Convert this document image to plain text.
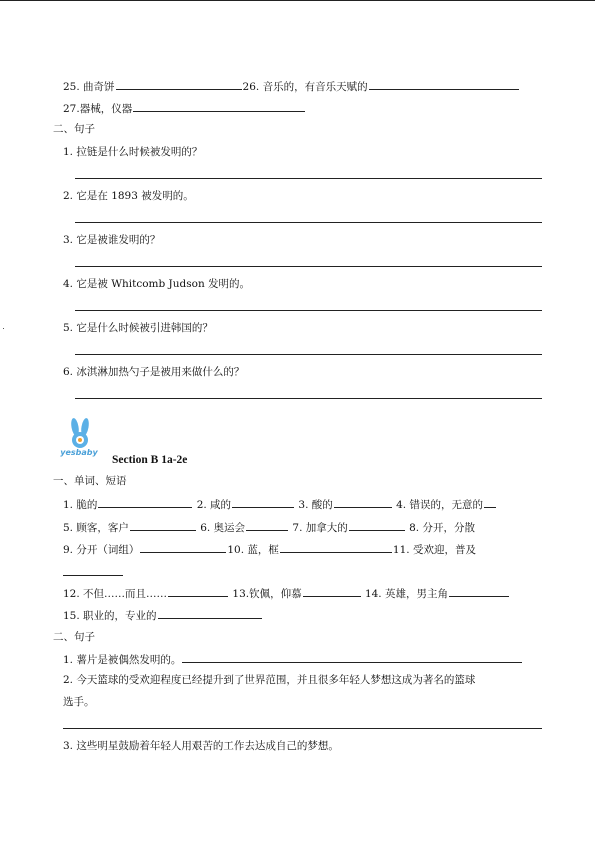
25. 曲奇饼	26. 音乐的，有音乐天赋的
27.器械，仪器
二、句子
1. 拉链是什么时候被发明的？
2. 它是在 1893 被发明的。
3. 它是被谁发明的？
4. 它是被 Whitcomb Judson 发明的。
5. 它是什么时候被引进韩国的？
6. 冰淇淋加热勺子是被用来做什么的？
yesbaby
Section B 1a-2e
一、单词、短语
1. 脆的	2. 咸的	3. 酸的	4. 错误的，无意的
5. 顾客，客户	6. 奥运会	7. 加拿大的	8. 分开，分散
9. 分开（词组）	10. 蓝，框	11. 受欢迎，普及
12. 不但……而且……	13.钦佩，仰慕	14. 英雄，男主角
15. 职业的，专业的
二、句子
1. 薯片是被偶然发明的。
2. 今天篮球的受欢迎程度已经提升到了世界范围，并且很多年轻人梦想这成为著名的篮球
选手。
3. 这些明星鼓励着年轻人用艰苦的工作去达成自己的梦想。
